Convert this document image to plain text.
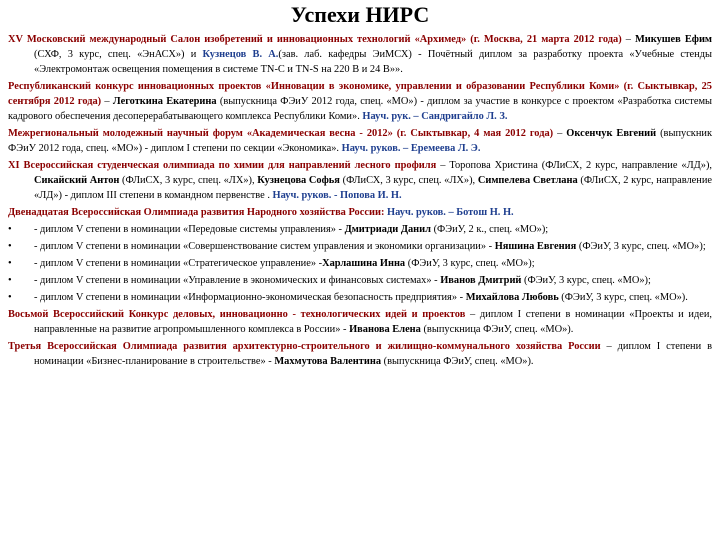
Успехи НИРС

XV Московский международный Салон изобретений и инновационных технологий «Архимед» (г. Москва, 21 марта 2012 года) – Микушев Ефим (СХФ, 3 курс, спец. «ЭнАСХ») и Кузнецов В. А.(зав. лаб. кафедры ЭиМСХ) - Почётный диплом за разработку проекта «Учебные стенды «Электромонтаж освещения помещения в системе TN-C и TN-S на 220 В и 24 В»».

Республиканский конкурс инновационных проектов «Инновации в экономике, управлении и образовании Республики Коми» (г. Сыктывкар, 25 сентября 2012 года) – Леготкина Екатерина (выпускница ФЭиУ 2012 года, спец. «МО») - диплом за участие в конкурсе с проектом «Разработка системы кадрового обеспечения десоперерабатывающего комплекса Республики Коми». Науч. рук. – Сандригайло Л. З.

Межрегиональный молодежный научный форум «Академическая весна - 2012» (г. Сыктывкар, 4 мая 2012 года) – Оксенчук Евгений (выпускник ФЭиУ 2012 года, спец. «МО») - диплом I степени по секции «Экономика». Науч. руков. – Еремеева Л. Э.

XI Всероссийская студенческая олимпиада по химии для направлений лесного профиля – Торопова Христина (ФЛиСХ, 2 курс, направление «ЛД»), Сикайский Антон (ФЛиСХ, 3 курс, спец. «ЛХ»), Кузнецова Софья (ФЛиСХ, 3 курс, спец. «ЛХ»), Симпелева Светлана (ФЛиСХ, 2 курс, направление «ЛД») - диплом III степени в командном первенстве . Науч. руков. - Попова И. Н.

Двенадцатая Всероссийская Олимпиада развития Народного хозяйства России: Науч. руков. – Ботош Н. Н.

• - диплом V степени в номинации «Передовые системы управления» - Дмитриади Данил (ФЭиУ, 2 к., спец. «МО»);
• - диплом V степени в номинации «Совершенствование систем управления и экономики организации» - Няшина Евгения (ФЭиУ, 3 курс, спец. «МО»);
• - диплом V степени в номинации «Стратегическое управление» -Харлашина Инна (ФЭиУ, 3 курс, спец. «МО»);
• - диплом V степени в номинации «Управление в экономических и финансовых системах» - Иванов Дмитрий (ФЭиУ, 3 курс, спец. «МО»);
• - диплом V степени в номинации «Информационно-экономическая безопасность предприятия» - Михайлова Любовь (ФЭиУ, 3 курс, спец. «МО»).

Восьмой Всероссийский Конкурс деловых, инновационно - технологических идей и проектов – диплом I степени в номинации «Проекты и идеи, направленные на развитие агропромышленного комплекса в России» - Иванова Елена (выпускница ФЭиУ, спец. «МО»).

Третья Всероссийская Олимпиада развития архитектурно-строительного и жилищно-коммунального хозяйства России – диплом I степени в номинации «Бизнес-планирование в строительстве» - Махмутова Валентина (выпускница ФЭиУ, спец. «МО»).
